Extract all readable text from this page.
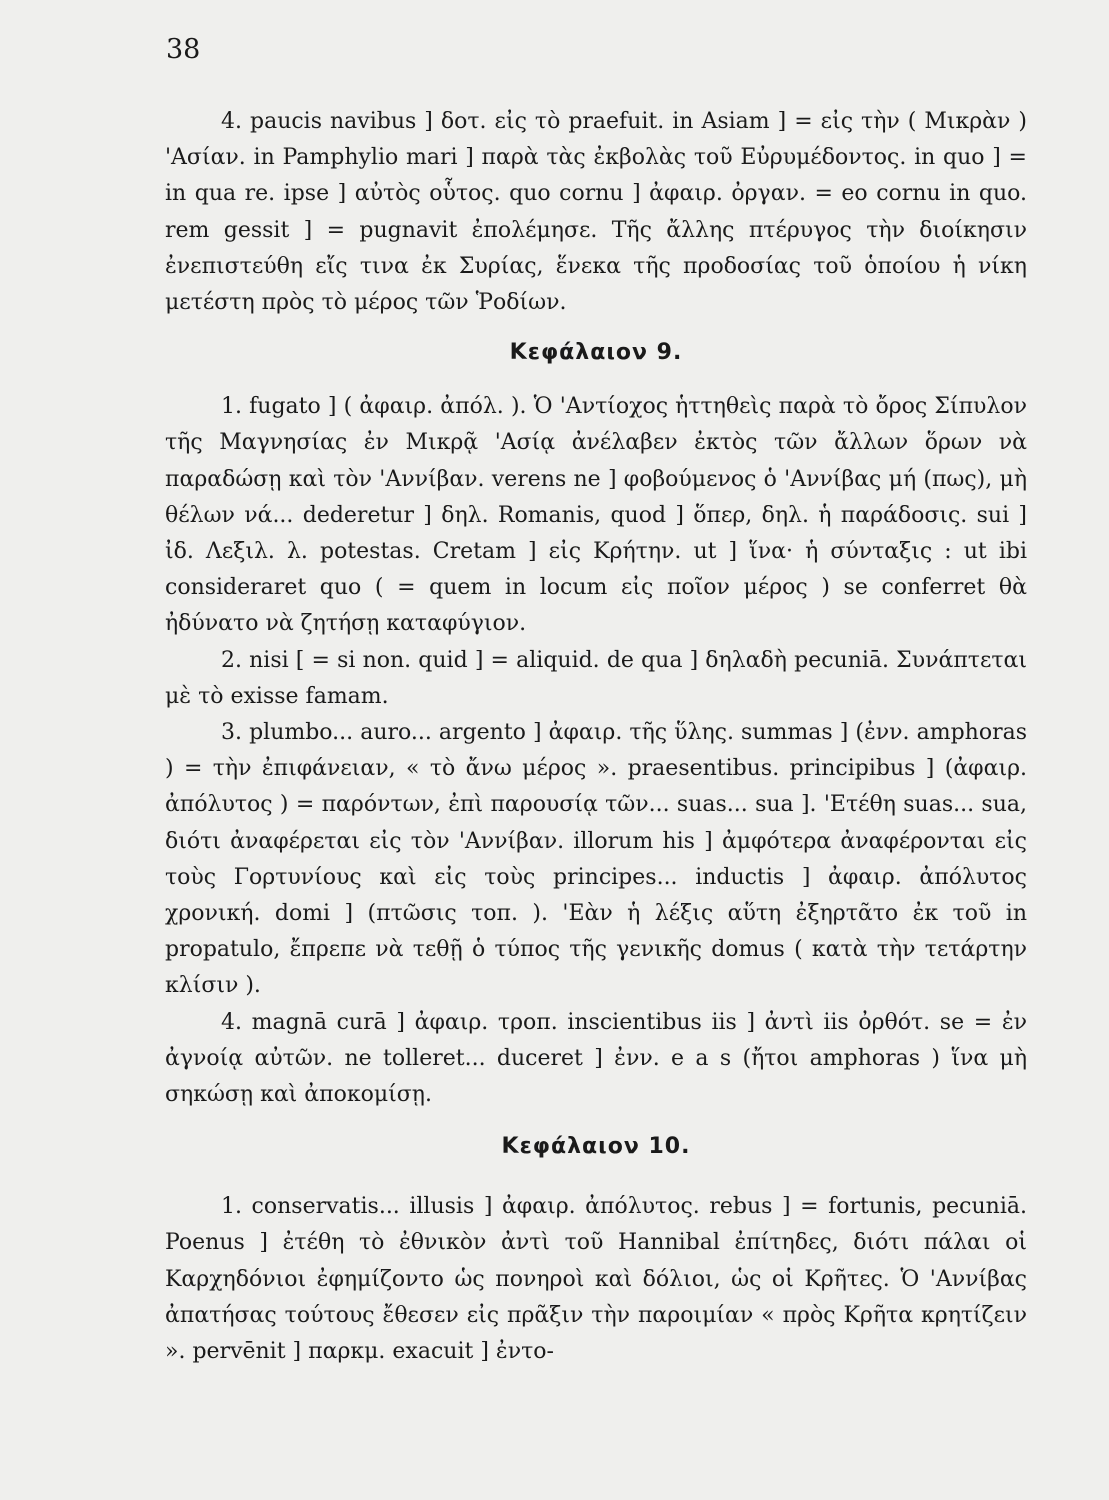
38

4. paucis navibus ] δοτ. εἰς τὸ praefuit. in Asiam ] = εἰς τὴν ( Μικρὰν ) 'Ασίαν. in Pamphylio mari ] παρὰ τὰς ἐκβολὰς τοῦ Εὐρυμέδοντος. in quo ] = in qua re. ipse ] αὐτὸς οὗτος. quo cornu ] ἀφαιρ. ὀργαν. = eo cornu in quo. rem gessit ] = pugnavit ἐπολέμησε. Τῆς ἄλλης πτέρυγος τὴν διοίκησιν ἐνεπιστεύθη εἴς τινα ἐκ Συρίας, ἕνεκα τῆς προδοσίας τοῦ ὁποίου ἡ νίκη μετέστη πρὸς τὸ μέρος τῶν Ῥοδίων.

Κεφάλαιον 9.

1. fugato ] ( ἀφαιρ. ἀπόλ. ). Ὁ 'Αντίοχος ἡττηθεὶς παρὰ τὸ ὄρος Σίπυλον τῆς Μαγνησίας ἐν Μικρᾷ 'Ασίᾳ ἀνέλαβεν ἐκτὸς τῶν ἄλλων ὅρων νὰ παραδώσῃ καὶ τὸν 'Αννίβαν. verens ne ] φοβούμενος ὁ 'Αννίβας μή (πως), μὴ θέλων νά... dederetur ] δηλ. Romanis, quod ] ὅπερ, δηλ. ἡ παράδοσις. sui ] ἰδ. Λεξιλ. λ. potestas. Cretam ] εἰς Κρήτην. ut ] ἵνα· ἡ σύνταξις : ut ibi consideraret quo ( = quem in locum εἰς ποῖον μέρος ) se conferret θὰ ἠδύνατο νὰ ζητήσῃ καταφύγιον.

2. nisi [ = si non. quid ] = aliquid. de qua ] δηλαδὴ pecuniā. Συνάπτεται μὲ τὸ exisse famam.

3. plumbo... auro... argento ] ἀφαιρ. τῆς ὕλης. summas ] (ἐνν. amphoras ) = τὴν ἐπιφάνειαν, « τὸ ἄνω μέρος ». praesentibus. principibus ] (ἀφαιρ. ἀπόλυτος ) = παρόντων, ἐπὶ παρουσίᾳ τῶν... suas... sua ]. 'Ετέθη suas... sua, διότι ἀναφέρεται εἰς τὸν 'Αννίβαν. illorum his ] ἀμφότερα ἀναφέρονται εἰς τοὺς Γορτυνίους καὶ εἰς τοὺς principes... inductis ] ἀφαιρ. ἀπόλυτος χρονική. domi ] (πτῶσις τοπ. ). 'Εὰν ἡ λέξις αὕτη ἐξηρτᾶτο ἐκ τοῦ in propatulo, ἔπρεπε νὰ τεθῇ ὁ τύπος τῆς γενικῆς domus ( κατὰ τὴν τετάρτην κλίσιν ).

4. magnā curā ] ἀφαιρ. τροπ. inscientibus iis ] ἀντὶ iis ὀρθότ. se = ἐν ἀγνοίᾳ αὐτῶν. ne tolleret... duceret ] ἐνν. e a s (ἤτοι amphoras ) ἵνα μὴ σηκώσῃ καὶ ἀποκομίσῃ.

Κεφάλαιον 10.

1. conservatis... illusis ] ἀφαιρ. ἀπόλυτος. rebus ] = fortunis, pecuniā. Poenus ] ἐτέθη τὸ ἐθνικὸν ἀντὶ τοῦ Hannibal ἐπίτηδες, διότι πάλαι οἱ Καρχηδόνιοι ἐφημίζοντο ὡς πονηροὶ καὶ δόλιοι, ὡς οἱ Κρῆτες. Ὁ 'Αννίβας ἀπατήσας τούτους ἔθεσεν εἰς πρᾶξιν τὴν παροιμίαν « πρὸς Κρῆτα κρητίζειν ». pervēnit ] παρκμ. exacuit ] ἐντο-
